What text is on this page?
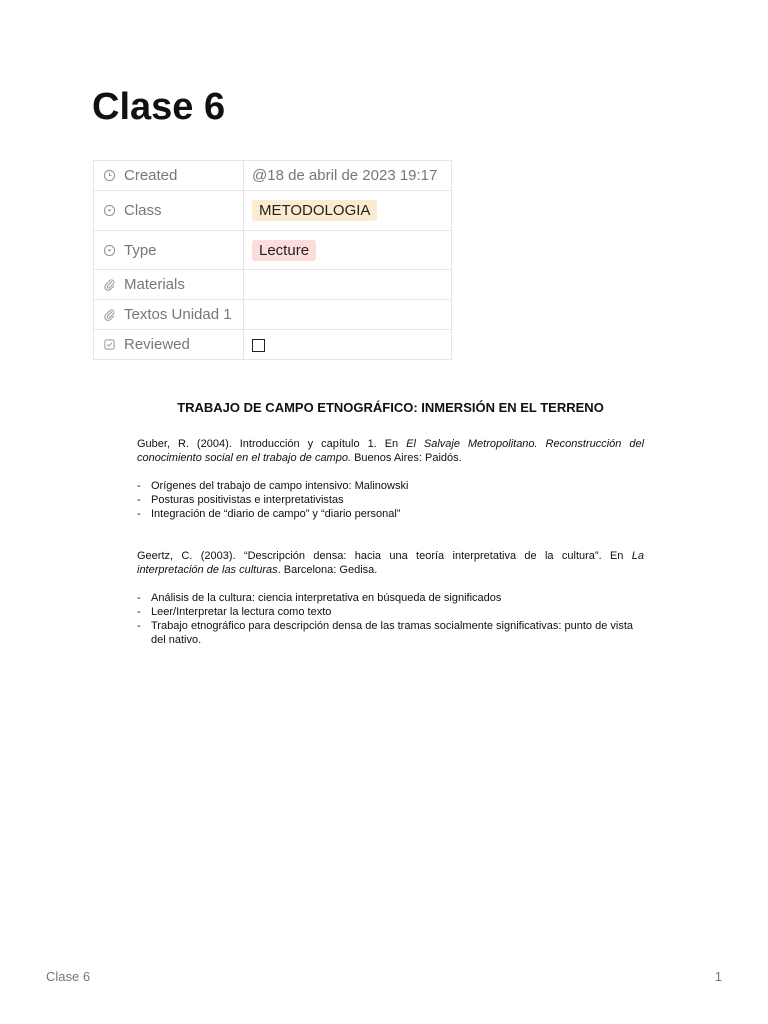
Clase 6
Created	@18 de abril de 2023 19:17

Class	METODOLOGIA

Type	Lecture

Materials	

Textos Unidad 1	

Reviewed	

TRABAJO DE CAMPO ETNOGRÁFICO: INMERSIÓN EN EL TERRENO

Guber, R. (2004). Introducción y capítulo 1. En El Salvaje Metropolitano. Reconstrucción del conocimiento social en el trabajo de campo. Buenos Aires: Paidós.

- Orígenes del trabajo de campo intensivo: Malinowski
- Posturas positivistas e interpretativistas
- Integración de “diario de campo” y “diario personal”

Geertz, C. (2003). “Descripción densa: hacia una teoría interpretativa de la cultura”. En La interpretación de las culturas. Barcelona: Gedisa.

- Análisis de la cultura: ciencia interpretativa en búsqueda de significados
- Leer/Interpretar la lectura como texto
- Trabajo etnográfico para descripción densa de las tramas socialmente significativas: punto de vista del nativo.
Clase 6	1
